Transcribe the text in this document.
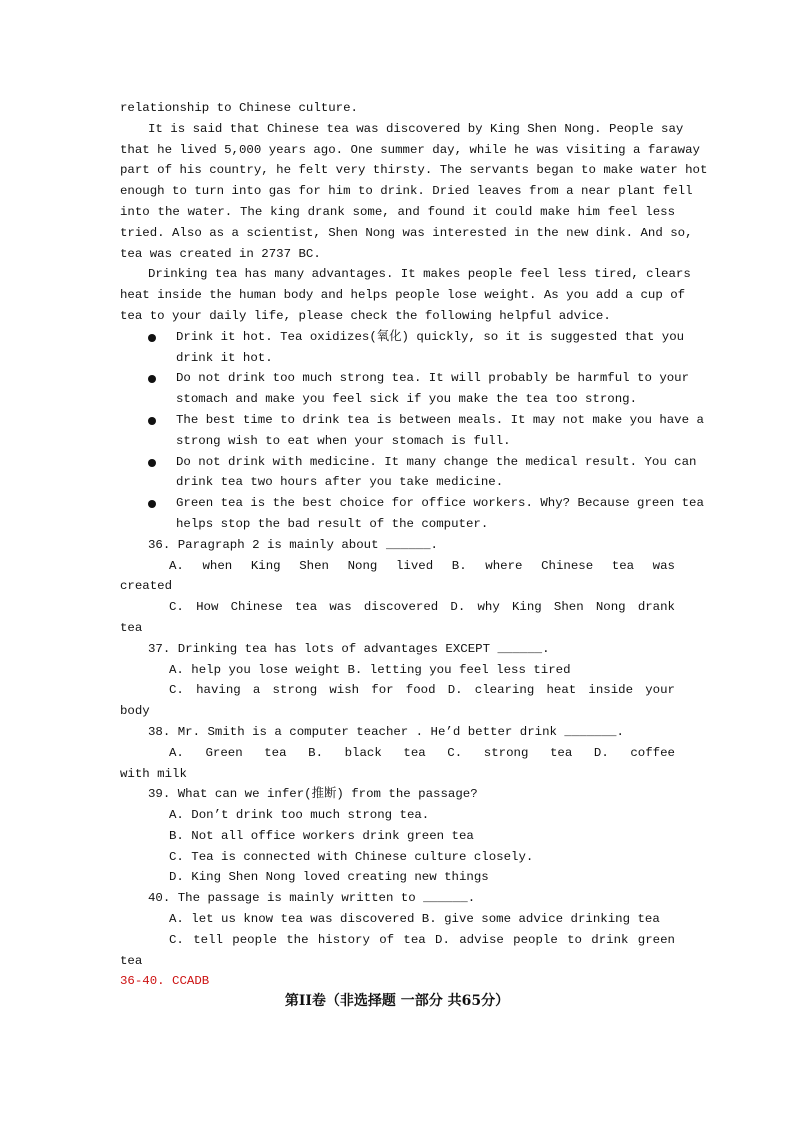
relationship to Chinese culture.
It is said that Chinese tea was discovered by King Shen Nong. People say
that he lived 5,000 years ago. One summer day, while he was visiting a faraway
part of his country, he felt very thirsty. The servants began to make water hot
enough to turn into gas for him to drink. Dried leaves from a near plant fell
into the water. The king drank some, and found it could make him feel less
tried. Also as a scientist, Shen Nong was interested in the new dink. And so,
tea was created in 2737 BC.
Drinking tea has many advantages. It makes people feel less tired, clears
heat inside the human body and helps people lose weight. As you add a cup of
tea to your daily life, please check the following helpful advice.
Drink it hot. Tea oxidizes(氧化) quickly, so it is suggested that you
drink it hot.
Do not drink too much strong tea. It will probably be harmful to your
stomach and make you feel sick if you make the tea too strong.
The best time to drink tea is between meals. It may not make you have a
strong wish to eat when your stomach is full.
Do not drink with medicine. It many change the medical result. You can
drink tea two hours after you take medicine.
Green tea is the best choice for office workers. Why? Because green tea
helps stop the bad result of the computer.
36. Paragraph 2 is mainly about ______.
A. when King Shen Nong lived B. where Chinese tea was
created
C. How Chinese tea was discovered D. why King Shen Nong drank
tea
37. Drinking tea has lots of advantages EXCEPT ______.
A. help you lose weight B. letting you feel less tired
C. having a strong wish for food D. clearing heat inside your
body
38. Mr. Smith is a computer teacher . He’d better drink _______.
A. Green tea B. black tea C. strong tea D. coffee
with milk
39. What can we infer(推断) from the passage?
A. Don’t drink too much strong tea.
B. Not all office workers drink green tea
C. Tea is connected with Chinese culture closely.
D. King Shen Nong loved creating new things
40. The passage is mainly written to ______.
A. let us know tea was discovered B. give some advice drinking tea
C. tell people the history of tea D. advise people to drink green
tea
36-40. CCADB
第II卷（非选择题 一部分 共65分）
